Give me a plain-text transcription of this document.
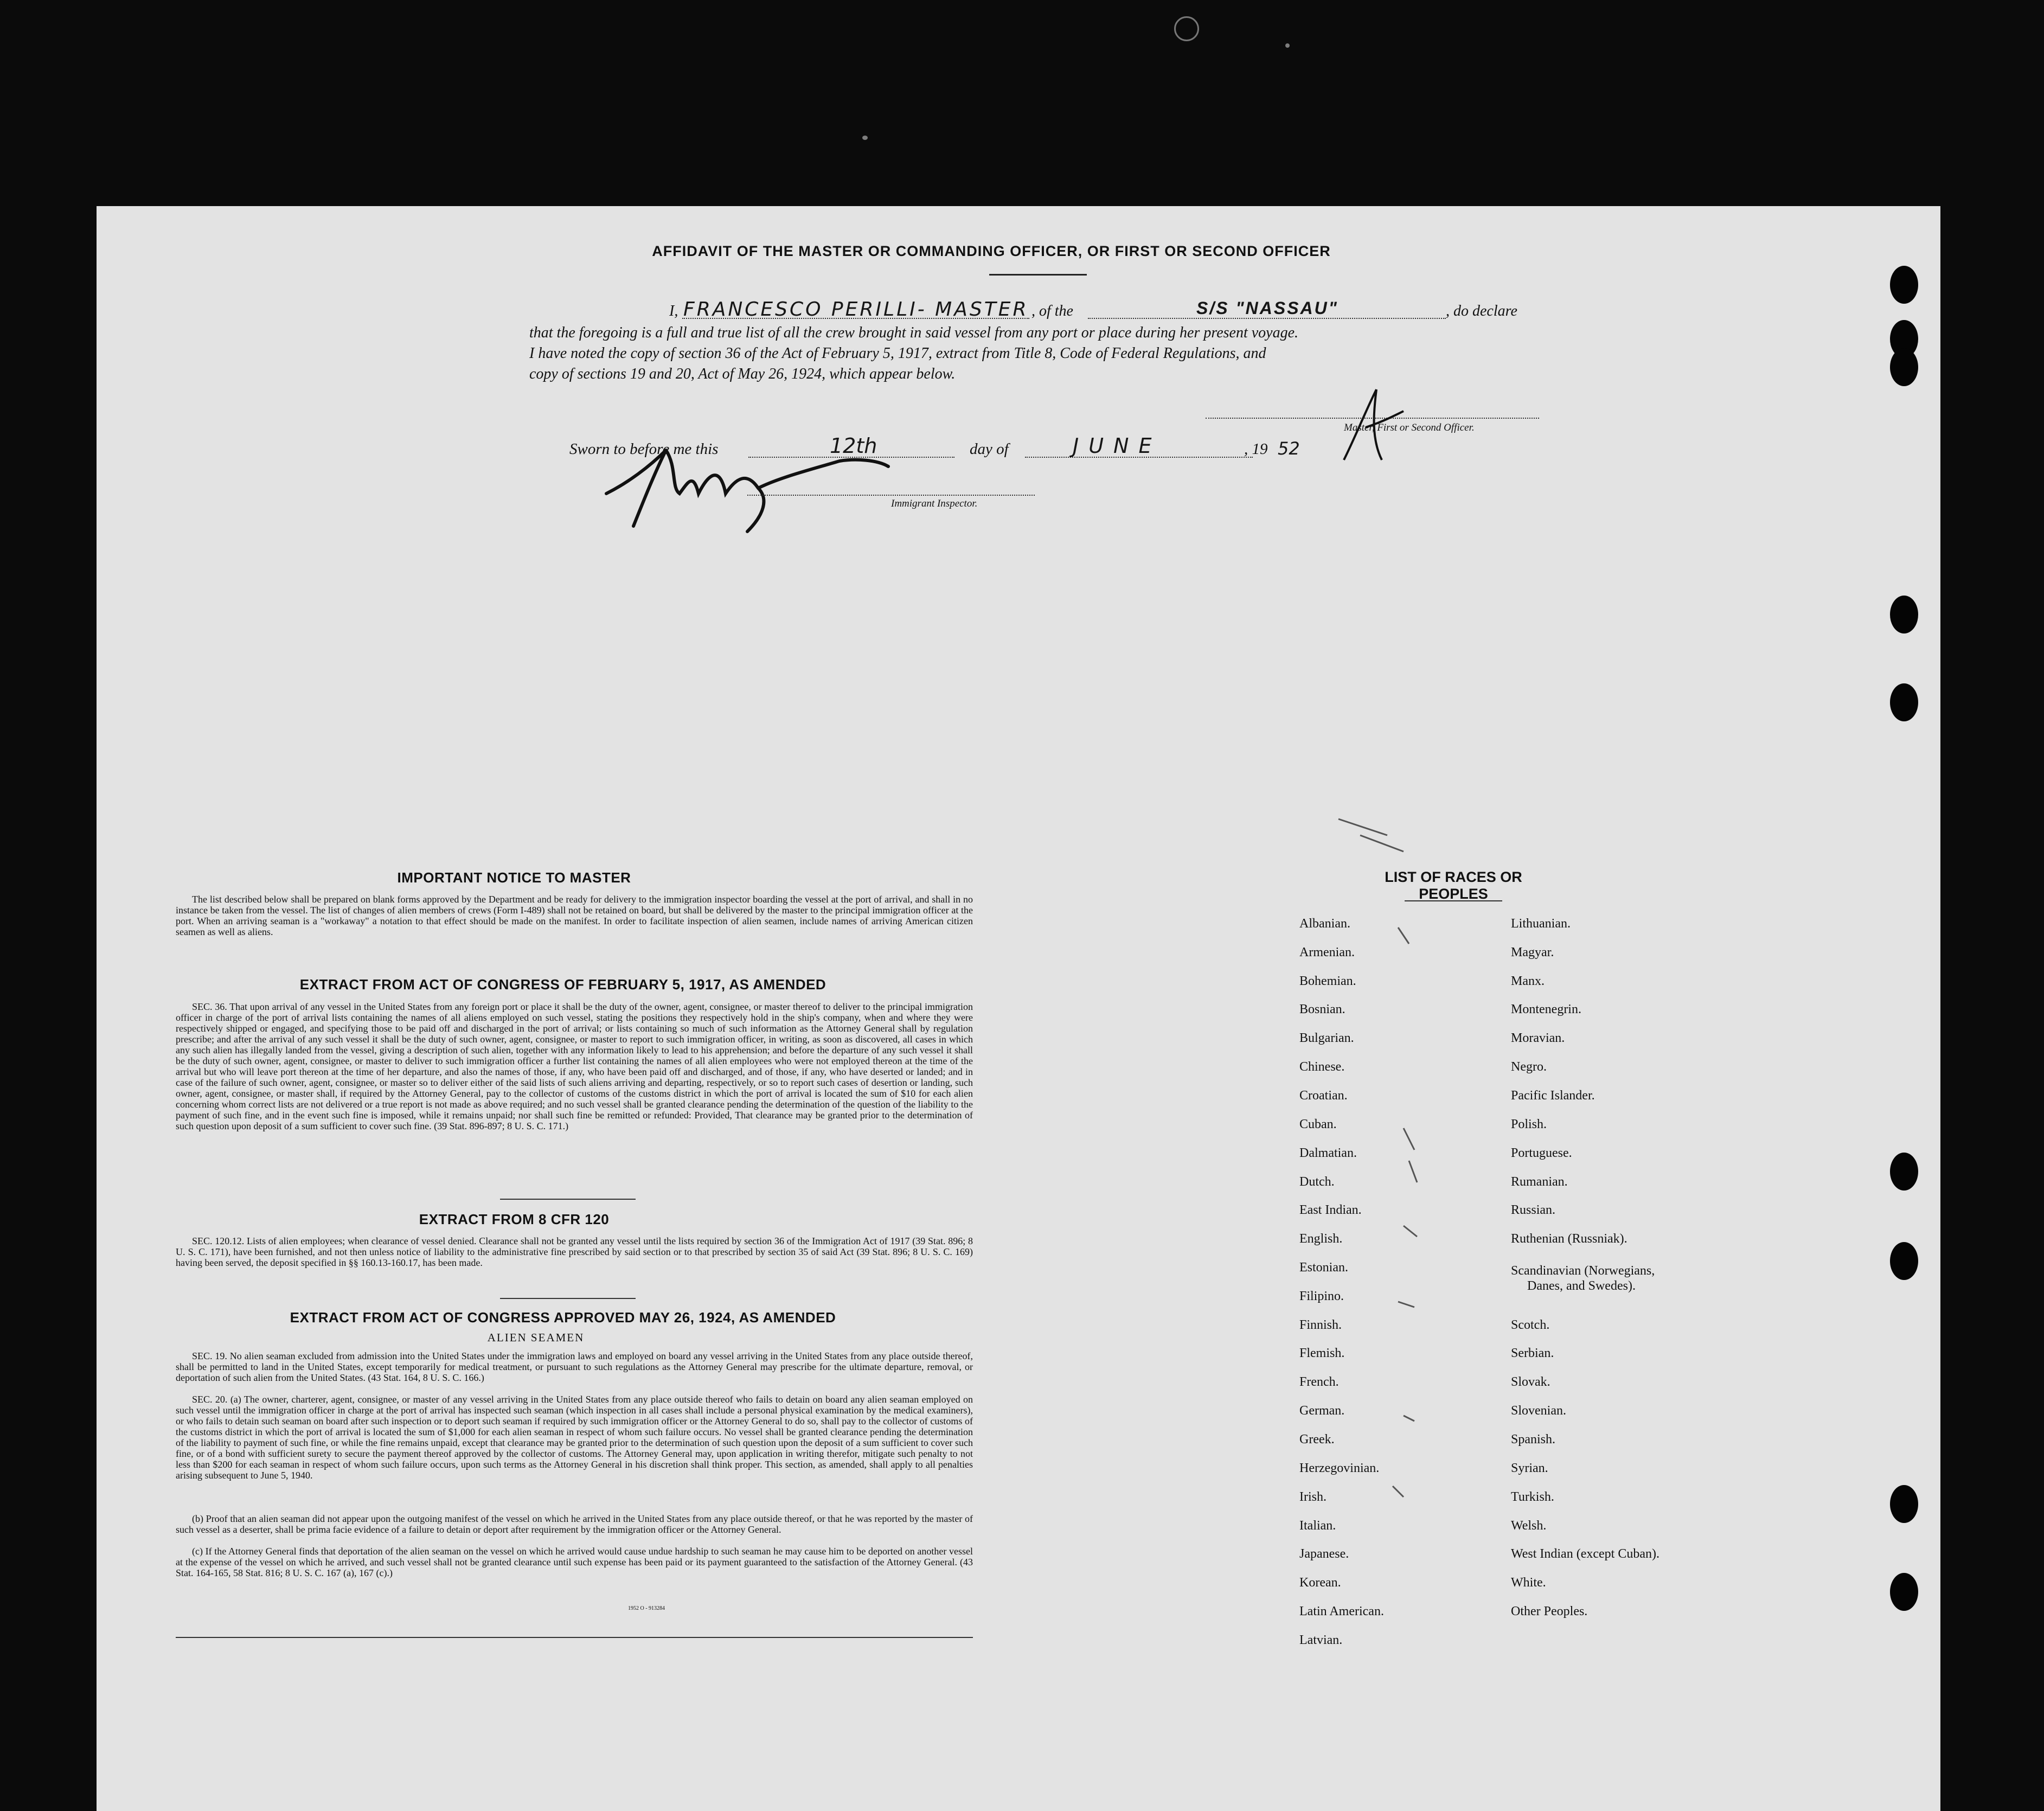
AFFIDAVIT OF THE MASTER OR COMMANDING OFFICER, OR FIRST OR SECOND OFFICER
I, FRANCESCO PERILLI- MASTER , of the	S/S "NASSAU"	, do declare
that the foregoing is a full and true list of all the crew brought in said vessel from any port or place during her present voyage.
I have noted the copy of section 36 of the Act of February 5, 1917, extract from Title 8, Code of Federal Regulations, and
copy of sections 19 and 20, Act of May 26, 1924, which appear below.
Master, First or Second Officer.
Sworn to before me this	12th	day of	JUNE	, 19 52
Immigrant Inspector.
IMPORTANT NOTICE TO MASTER
The list described below shall be prepared on blank forms approved by the Department and be ready for delivery to the immigration inspector boarding the vessel at the port of arrival, and shall in no instance be taken from the vessel. The list of changes of alien members of crews (Form I-489) shall not be retained on board, but shall be delivered by the master to the principal immigration officer at the port. When an arriving seaman is a "workaway" a notation to that effect should be made on the manifest. In order to facilitate inspection of alien seamen, include names of arriving American citizen seamen as well as aliens.
EXTRACT FROM ACT OF CONGRESS OF FEBRUARY 5, 1917, AS AMENDED
SEC. 36. That upon arrival of any vessel in the United States from any foreign port or place it shall be the duty of the owner, agent, consignee, or master thereof to deliver to the principal immigration officer in charge of the port of arrival lists containing the names of all aliens employed on such vessel, stating the positions they respectively hold in the ship's company, when and where they were respectively shipped or engaged, and specifying those to be paid off and discharged in the port of arrival; or lists containing so much of such information as the Attorney General shall by regulation prescribe; and after the arrival of any such vessel it shall be the duty of such owner, agent, consignee, or master to report to such immigration officer, in writing, as soon as discovered, all cases in which any such alien has illegally landed from the vessel, giving a description of such alien, together with any information likely to lead to his apprehension; and before the departure of any such vessel it shall be the duty of such owner, agent, consignee, or master to deliver to such immigration officer a further list containing the names of all alien employees who were not employed thereon at the time of the arrival but who will leave port thereon at the time of her departure, and also the names of those, if any, who have been paid off and discharged, and of those, if any, who have deserted or landed; and in case of the failure of such owner, agent, consignee, or master so to deliver either of the said lists of such aliens arriving and departing, respectively, or so to report such cases of desertion or landing, such owner, agent, consignee, or master shall, if required by the Attorney General, pay to the collector of customs of the customs district in which the port of arrival is located the sum of $10 for each alien concerning whom correct lists are not delivered or a true report is not made as above required; and no such vessel shall be granted clearance pending the determination of the question of the liability to the payment of such fine, and in the event such fine is imposed, while it remains unpaid; nor shall such fine be remitted or refunded: Provided, That clearance may be granted prior to the determination of such question upon deposit of a sum sufficient to cover such fine. (39 Stat. 896-897; 8 U. S. C. 171.)
EXTRACT FROM 8 CFR 120
SEC. 120.12. Lists of alien employees; when clearance of vessel denied. Clearance shall not be granted any vessel until the lists required by section 36 of the Immigration Act of 1917 (39 Stat. 896; 8 U. S. C. 171), have been furnished, and not then unless notice of liability to the administrative fine prescribed by said section or to that prescribed by section 35 of said Act (39 Stat. 896; 8 U. S. C. 169) having been served, the deposit specified in §§ 160.13-160.17, has been made.
EXTRACT FROM ACT OF CONGRESS APPROVED MAY 26, 1924, AS AMENDED
ALIEN SEAMEN
SEC. 19. No alien seaman excluded from admission into the United States under the immigration laws and employed on board any vessel arriving in the United States from any place outside thereof, shall be permitted to land in the United States, except temporarily for medical treatment, or pursuant to such regulations as the Attorney General may prescribe for the ultimate departure, removal, or deportation of such alien from the United States. (43 Stat. 164, 8 U. S. C. 166.)
SEC. 20. (a) The owner, charterer, agent, consignee, or master of any vessel arriving in the United States from any place outside thereof who fails to detain on board any alien seaman employed on such vessel until the immigration officer in charge at the port of arrival has inspected such seaman (which inspection in all cases shall include a personal physical examination by the medical examiners), or who fails to detain such seaman on board after such inspection or to deport such seaman if required by such immigration officer or the Attorney General to do so, shall pay to the collector of customs of the customs district in which the port of arrival is located the sum of $1,000 for each alien seaman in respect of whom such failure occurs. No vessel shall be granted clearance pending the determination of the liability to payment of such fine, or while the fine remains unpaid, except that clearance may be granted prior to the determination of such question upon the deposit of a sum sufficient to cover such fine, or of a bond with sufficient surety to secure the payment thereof approved by the collector of customs. The Attorney General may, upon application in writing therefor, mitigate such penalty to not less than $200 for each seaman in respect of whom such failure occurs, upon such terms as the Attorney General in his discretion shall think proper. This section, as amended, shall apply to all penalties arising subsequent to June 5, 1940.
(b) Proof that an alien seaman did not appear upon the outgoing manifest of the vessel on which he arrived in the United States from any place outside thereof, or that he was reported by the master of such vessel as a deserter, shall be prima facie evidence of a failure to detain or deport after requirement by the immigration officer or the Attorney General.
(c) If the Attorney General finds that deportation of the alien seaman on the vessel on which he arrived would cause undue hardship to such seaman he may cause him to be deported on another vessel at the expense of the vessel on which he arrived, and such vessel shall not be granted clearance until such expense has been paid or its payment guaranteed to the satisfaction of the Attorney General. (43 Stat. 164-165, 58 Stat. 816; 8 U. S. C. 167 (a), 167 (c).)
1952 O - 913284
LIST OF RACES OR PEOPLES
Albanian.
Armenian.
Bohemian.
Bosnian.
Bulgarian.
Chinese.
Croatian.
Cuban.
Dalmatian.
Dutch.
East Indian.
English.
Estonian.
Filipino.
Finnish.
Flemish.
French.
German.
Greek.
Herzegovinian.
Irish.
Italian.
Japanese.
Korean.
Latin American.
Latvian.
Lithuanian.
Magyar.
Manx.
Montenegrin.
Moravian.
Negro.
Pacific Islander.
Polish.
Portuguese.
Rumanian.
Russian.
Ruthenian (Russniak).
Scandinavian (Norwegians,
Danes, and Swedes).
Scotch.
Serbian.
Slovak.
Slovenian.
Spanish.
Syrian.
Turkish.
Welsh.
West Indian (except Cuban).
White.
Other Peoples.
